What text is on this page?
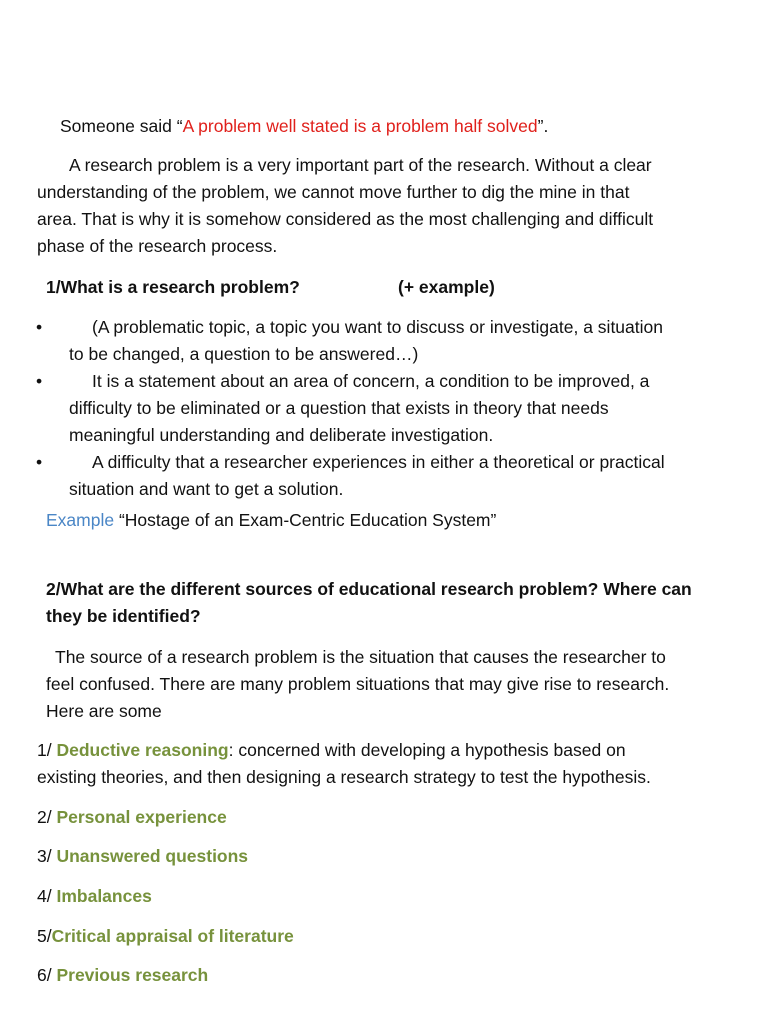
Someone said “A problem well stated is a problem half solved”.

A research problem is a very important part of the research. Without a clear
understanding of the problem, we cannot move further to dig the mine in that
area. That is why it is somehow considered as the most challenging and difficult
phase of the research process.

1/What is a research problem?	(+ example)

•	(A problematic topic, a topic you want to discuss or investigate, a situation
to be changed, a question to be answered…)
•	It is a statement about an area of concern, a condition to be improved, a
difficulty to be eliminated or a question that exists in theory that needs
meaningful understanding and deliberate investigation.
•	A difficulty that a researcher experiences in either a theoretical or practical
situation and want to get a solution.

Example “Hostage of an Exam-Centric Education System”

2/What are the different sources of educational research problem? Where can
they be identified?
The source of a research problem is the situation that causes the researcher to
feel confused. There are many problem situations that may give rise to research.
Here are some
1/ Deductive reasoning: concerned with developing a hypothesis based on
existing theories, and then designing a research strategy to test the hypothesis.

2/ Personal experience

3/ Unanswered questions

4/ Imbalances

5/Critical appraisal of literature

6/ Previous research
